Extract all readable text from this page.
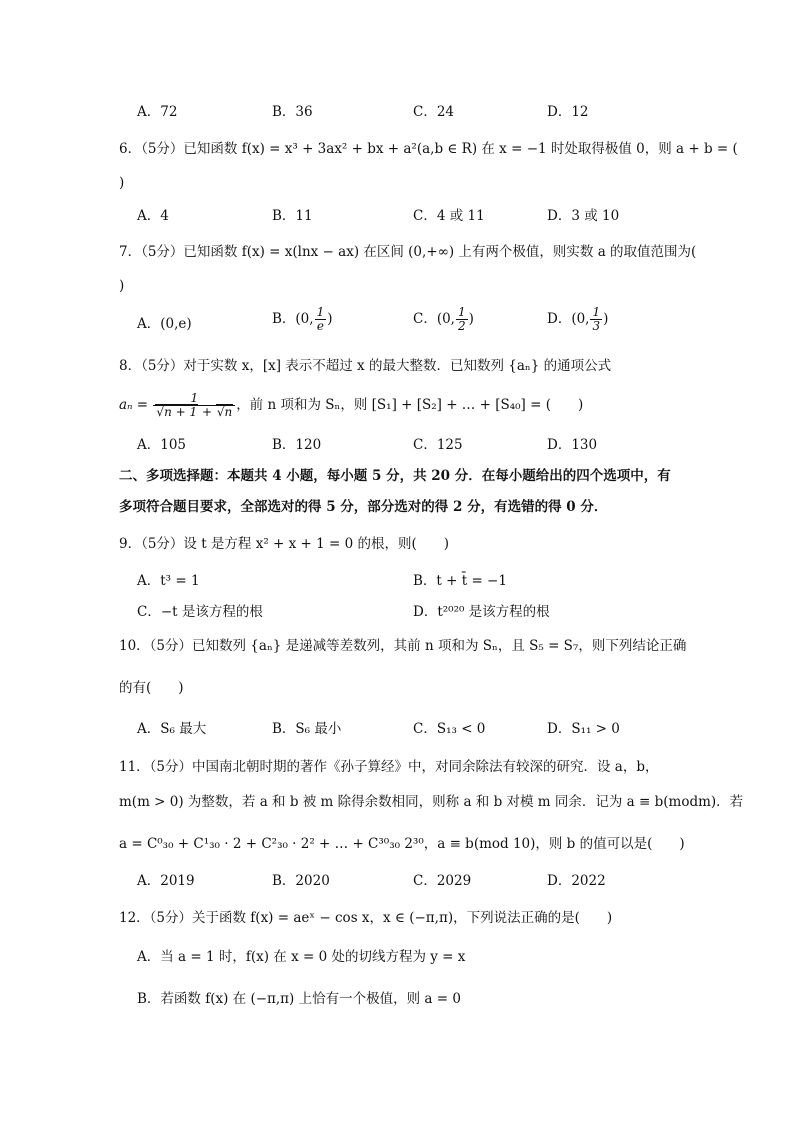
A．72	B．36	C．24	D．12
6．（5分）已知函数 f(x) = x³ + 3ax² + bx + a²(a,b ∈ R) 在 x = −1 时处取得极值 0，则 a + b = (
)
A．4	B．11	C．4 或 11	D．3 或 10
7．（5分）已知函数 f(x) = x(lnx − ax) 在区间 (0,+∞) 上有两个极值，则实数 a 的取值范围为(
)
A．(0,e)	B．(0, $\frac{1}{e}$ )	C．(0, $\frac{1}{2}$ )	D．(0, $\frac{1}{3}$ )
8．（5分）对于实数 x，[x] 表示不超过 x 的最大整数．已知数列 {aₙ} 的通项公式
$a_n = \frac{1}{√n + 1 + √n}$ ，前 n 项和为 Sₙ，则 [S₁] + [S₂] + … + [S₄₀] = (　　)
A．105	B．120	C．125	D．130
二、多项选择题：本题共 4 小题，每小题 5 分，共 20 分．在每小题给出的四个选项中，有
多项符合题目要求，全部选对的得 5 分，部分选对的得 2 分，有选错的得 0 分．
9．（5分）设 t 是方程 x² + x + 1 = 0 的根，则(　　)
A．t³ = 1	B．t + t̄ = −1
C．−t 是该方程的根	D．t²⁰²⁰ 是该方程的根
10．（5分）已知数列 {aₙ} 是递减等差数列，其前 n 项和为 Sₙ，且 S₅ = S₇，则下列结论正确
的有(　　)
A．S₆ 最大	B．S₆ 最小	C．S₁₃ < 0	D．S₁₁ > 0
11．（5分）中国南北朝时期的著作《孙子算经》中，对同余除法有较深的研究．设 a，b，
m(m > 0) 为整数，若 a 和 b 被 m 除得余数相同，则称 a 和 b 对模 m 同余．记为 a ≡ b(modm)．若
a = C⁰₃₀ + C¹₃₀ · 2 + C²₃₀ · 2² + … + C³⁰₃₀ 2³⁰，a ≡ b(mod 10)，则 b 的值可以是(　　)
A．2019	B．2020	C．2029	D．2022
12．（5分）关于函数 f(x) = aeˣ − cos x，x ∈ (−π,π)，下列说法正确的是(　　)
A．当 a = 1 时，f(x) 在 x = 0 处的切线方程为 y = x
B．若函数 f(x) 在 (−π,π) 上恰有一个极值，则 a = 0
